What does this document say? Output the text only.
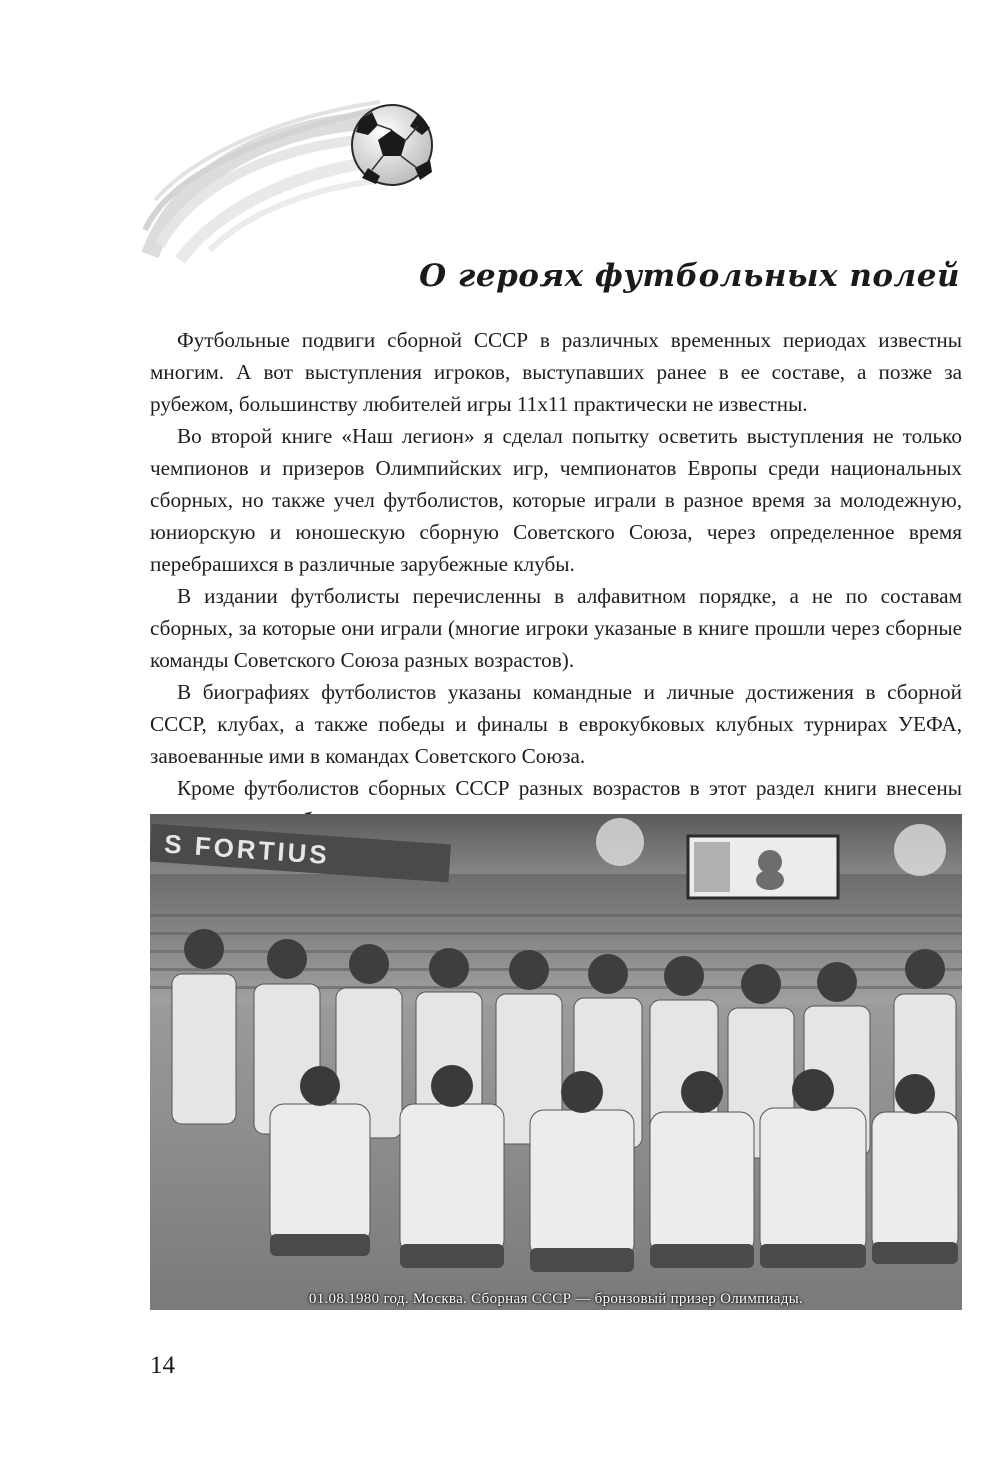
О героях футбольных полей

Футбольные подвиги сборной СССР в различных временных периодах известны многим. А вот выступления игроков, выступавших ранее в ее составе, а позже за рубежом, большинству любителей игры 11x11 практически не известны.

Во второй книге «Наш легион» я сделал попытку осветить выступления не только чемпионов и призеров Олимпийских игр, чемпионатов Европы среди национальных сборных, но также учел футболистов, которые играли в разное время за молодежную, юниорскую и юношескую сборную Советского Союза, через определенное время перебрашихся в различные зарубежные клубы.

В издании футболисты перечисленны в алфавитном порядке, а не по составам сборных, за которые они играли (многие игроки указаные в книге прошли через сборные команды Советского Союза разных возрастов).

В биографиях футболистов указаны командные и личные достижения в сборной СССР, клубах, а также победы и финалы в еврокубковых клубных турнирах УЕФА, завоеванные ими в командах Советского Союза.

Кроме футболистов сборных СССР разных возрастов в этот раздел книги внесены

S FORTIUS
01.08.1980 год. Москва. Сборная СССР — бронзовый призер Олимпиады.
14
